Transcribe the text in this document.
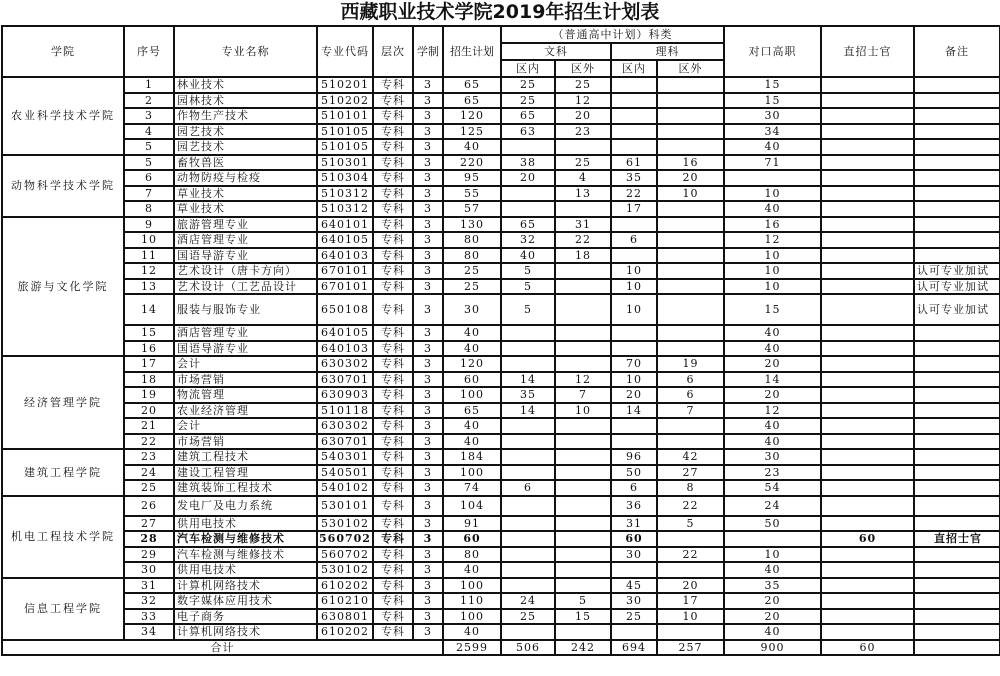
西藏职业技术学院2019年招生计划表
学院	序号	专业名称	专业代码	层次	学制	招生计划	（普通高中计划）科类				对口高职	直招士官	备注
							文科		理科				
							区内	区外	区内	区外			
农业科学技术学院	1	林业技术	510201	专科	3	65	25	25			15		
	2	园林技术	510202	专科	3	65	25	12			15		
	3	作物生产技术	510101	专科	3	120	65	20			30		
	4	园艺技术	510105	专科	3	125	63	23			34		
	5	园艺技术	510105	专科	3	40					40		
动物科学技术学院	5	畜牧兽医	510301	专科	3	220	38	25	61	16	71		
	6	动物防疫与检疫	510304	专科	3	95	20	4	35	20			
	7	草业技术	510312	专科	3	55		13	22	10	10		
	8	草业技术	510312	专科	3	57			17		40		
旅游与文化学院	9	旅游管理专业	640101	专科	3	130	65	31			16		
	10	酒店管理专业	640105	专科	3	80	32	22	6		12		
	11	国语导游专业	640103	专科	3	80	40	18			10		
	12	艺术设计（唐卡方向）	670101	专科	3	25	5		10		10		认可专业加试
	13	艺术设计（工艺品设计	670101	专科	3	25	5		10		10		认可专业加试
	14	服装与服饰专业	650108	专科	3	30	5		10		15		认可专业加试
	15	酒店管理专业	640105	专科	3	40					40		
	16	国语导游专业	640103	专科	3	40					40		
经济管理学院	17	会计	630302	专科	3	120			70	19	20		
	18	市场营销	630701	专科	3	60	14	12	10	6	14		
	19	物流管理	630903	专科	3	100	35	7	20	6	20		
	20	农业经济管理	510118	专科	3	65	14	10	14	7	12		
	21	会计	630302	专科	3	40					40		
	22	市场营销	630701	专科	3	40					40		
建筑工程学院	23	建筑工程技术	540301	专科	3	184			96	42	30		
	24	建设工程管理	540501	专科	3	100			50	27	23		
	25	建筑装饰工程技术	540102	专科	3	74	6		6	8	54		
机电工程技术学院	26	发电厂及电力系统	530101	专科	3	104			36	22	24		
	27	供用电技术	530102	专科	3	91			31	5	50		
	28	汽车检测与维修技术	560702	专科	3	60			60			60	直招士官
	29	汽车检测与维修技术	560702	专科	3	80			30	22	10		
	30	供用电技术	530102	专科	3	40					40		
信息工程学院	31	计算机网络技术	610202	专科	3	100			45	20	35		
	32	数字媒体应用技术	610210	专科	3	110	24	5	30	17	20		
	33	电子商务	630801	专科	3	100	25	15	25	10	20		
	34	计算机网络技术	610202	专科	3	40					40		
合计						2599	506	242	694	257	900	60	
